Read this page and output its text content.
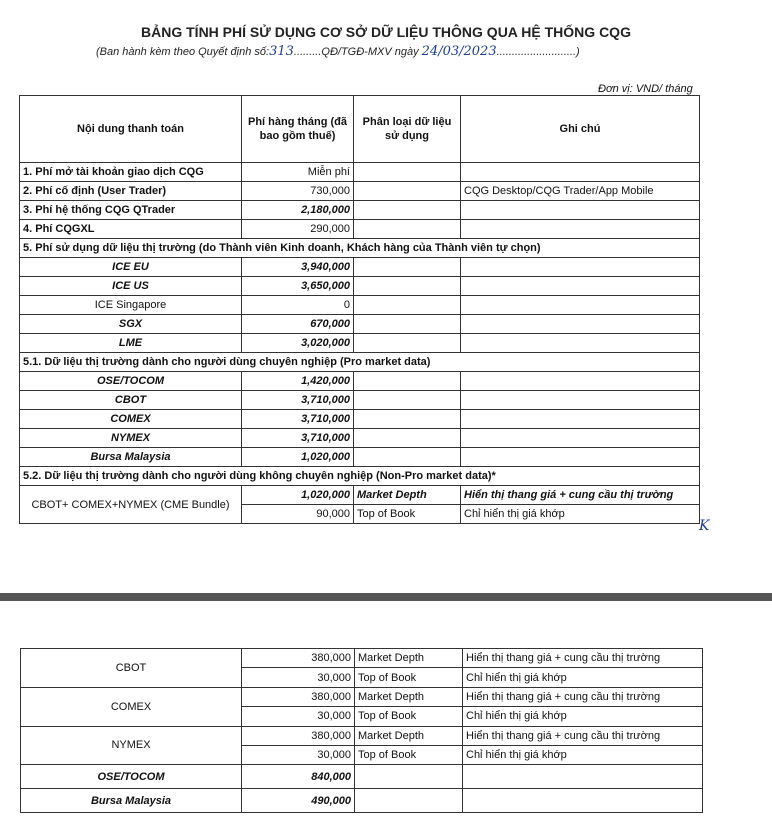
BẢNG TÍNH PHÍ SỬ DỤNG CƠ SỞ DỮ LIỆU THÔNG QUA HỆ THỐNG CQG
(Ban hành kèm theo Quyết định số:313.........QĐ/TGĐ-MXV ngày 24/03/2023..........................)
Đơn vị: VND/ tháng
Nội dung thanh toán	Phí hàng tháng (đã bao gồm thuế)	Phân loại dữ liệu sử dụng	Ghi chú
1. Phí mở tài khoản giao dịch CQG	Miễn phí		
2. Phí cố định (User Trader)	730,000		CQG Desktop/CQG Trader/App Mobile
3. Phí hệ thống CQG QTrader	2,180,000		
4. Phí CQGXL	290,000		
5. Phí sử dụng dữ liệu thị trường (do Thành viên Kinh doanh, Khách hàng của Thành viên tự chọn)			
ICE EU	3,940,000		
ICE US	3,650,000		
ICE Singapore	0		
SGX	670,000		
LME	3,020,000		
5.1. Dữ liệu thị trường dành cho người dùng chuyên nghiệp (Pro market data)			
OSE/TOCOM	1,420,000		
CBOT	3,710,000		
COMEX	3,710,000		
NYMEX	3,710,000		
Bursa Malaysia	1,020,000		
5.2. Dữ liệu thị trường dành cho người dùng không chuyên nghiệp (Non-Pro market data)*			
CBOT+ COMEX+NYMEX (CME Bundle)	1,020,000	Market Depth	Hiển thị thang giá + cung cầu thị trường
	90,000	Top of Book	Chỉ hiển thị giá khớp
K
CBOT	380,000	Market Depth	Hiển thị thang giá + cung cầu thị trường
	30,000	Top of Book	Chỉ hiển thị giá khớp
COMEX	380,000	Market Depth	Hiển thị thang giá + cung cầu thị trường
	30,000	Top of Book	Chỉ hiển thị giá khớp
NYMEX	380,000	Market Depth	Hiển thị thang giá + cung cầu thị trường
	30,000	Top of Book	Chỉ hiển thị giá khớp
OSE/TOCOM	840,000		
Bursa Malaysia	490,000		
